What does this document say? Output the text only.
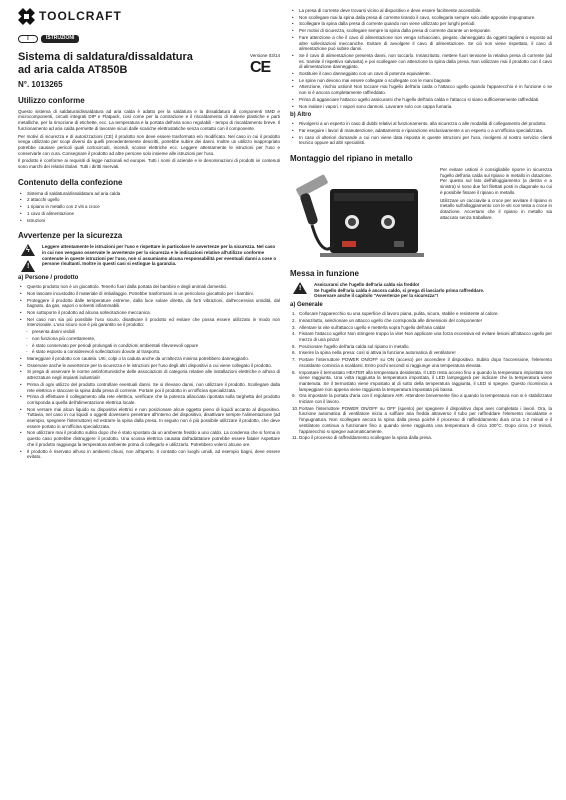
TOOLCRAFT
I	ISTRUZIONI
Sistema di saldatura/dissaldatura
ad aria calda AT850B
N°. 1013265
Versione 03/14
CE
Utilizzo conforme

Questo sistema di saldatura/dissaldatura ad aria calda è adatto per la saldatura e la dissaldatura di componenti SMD e microcomponenti, circuiti integrati DIP e Flatpack, così come per la contrazione e il riscaldamento di materie plastiche e parti metalliche, per la rimozione di etichette, ecc. La temperatura e la portata dell'aria sono regolabili - tempo di riscaldamento breve. Il funzionamento ad aria calda permette di lavorare sicuri dalle scariche elettrostatiche senza contatto con il componente.

Per motivi di sicurezza e di autorizzazioni (CE) il prodotto non deve essere trasformato e/o modificato. Nel caso in cui il prodotto venga utilizzato per scopi diversi da quelli precedentemente descritti, potrebbe subire dei danni. Inoltre un utilizzo inappropriato potrebbe causare pericoli quali cortocircuiti, incendi, scosse elettriche ecc. Leggere attentamente le istruzioni per l'uso e conservarle con cura. Consegnare il prodotto ad altre persone solo insieme alle istruzioni per l'uso.

Il prodotto è conforme ai requisiti di legge nazionali ed europei. Tutti i nomi di aziende e le denominazioni di prodotti ivi contenuti sono marchi dei relativi titolari. Tutti i diritti riservati.

Contenuto della confezione
• Sistema di saldatura/dissaldatura ad aria calda
• 2 attacchi ugello
• 1 ripiano in metallo con 2 viti a croce
• 1 cavo di alimentazione
• Istruzioni
Avvertenze per la sicurezza
ϟ
!
Leggere attentamente le istruzioni per l'uso e rispettare in particolare le avvertenze per la sicurezza. Nel caso in cui non vengano osservate le avvertenze per la sicurezza e le indicazioni relative all'utilizzo conforme contenute in queste istruzioni per l'uso, non ci assumiamo alcuna responsabilità per eventuali danni a cose o persone risultanti. Inoltre in questi casi si estingue la garanzia.
a) Persone / prodotto
• Questo prodotto non è un giocattolo. Tenerlo fuori dalla portata dei bambini e degli animali domestici.
• Non lasciare incustodito il materiale di imballaggio. Potrebbe trasformarsi in un pericoloso giocattolo per i bambini.
• Proteggere il prodotto dalle temperature estreme, dalla luce solare diretta, da forti vibrazioni, dall'eccessiva umidità, dal bagnato, da gas, vapori o solventi infiammabili.
• Non sottoporre il prodotto ad alcuna sollecitazione meccanica.
• Nel caso non sia più possibile l'uso sicuro, disattivare il prodotto ed evitare che possa essere utilizzato in modo non intenzionale. L'uso sicuro non è più garantito se il prodotto:
- presenta danni visibili
- non funziona più correttamente,
- è stato conservato per periodi prolungati in condizioni ambientali sfavorevoli oppure
- è stato esposto a considerevoli sollecitazioni dovute al trasporto.
• Maneggiare il prodotto con cautela. Urti, colpi o la caduta anche da un'altezza minima potrebbero danneggiarlo.
• Osservare anche le avvertenze per la sicurezza e le istruzioni per l'uso degli altri dispositivi a cui viene collegato il prodotto.
• Si prega di osservare le norme antinfortunistiche delle associazioni di categoria relative alle installazioni elettriche e all'uso di attrezzature negli impianti industriali!
• Prima di ogni utilizzo del prodotto controllare eventuali danni. Se si rilevano danni, non utilizzare il prodotto. Scollegare dalla rete elettrica e staccare la spina dalla presa di corrente. Portare poi il prodotto in un'officina specializzata.
• Prima di effettuare il collegamento alla rete elettrica, verificare che la potenza allacciata riportata sulla targhetta del prodotto corrisponda a quella dell'alimentazione elettrica locale.
• Non versare mai alcun liquido su dispositivi elettrici e non posizionare alcun oggetto pieno di liquidi accanto al dispositivo. Tuttavia, nel caso in cui liquidi o oggetti dovessero penetrare all'interno del dispositivo, disattivare sempre l'alimentazione (ad esempio, spegnere l'interruttore) ed estrarre la spina dalla presa. In seguito non è più possibile utilizzare il prodotto, che deve essere portato in un'officina specializzata.
• Non utilizzare mai il prodotto subito dopo che è stato spostato da un ambiente freddo a uno caldo. La condensa che si forma in questo caso potrebbe distruggere il prodotto. Una scossa elettrica causata dall'adattatore potrebbe essere fatale! Aspettare che il prodotto raggiunga la temperatura ambiente prima di collegarlo e utilizzarlo. Potrebbero volerci alcune ore.
• Il prodotto è riservato all'uso in ambienti chiusi, non all'aperto. Il contatto con luoghi umidi, ad esempio bagni, deve essere evitato.
• La presa di corrente deve trovarsi vicino al dispositivo e deve essere facilmente accessibile.
• Non scollegare mai la spina dalla presa di corrente tirando il cavo, scollegarla sempre solo dalle apposite impugnature.
• Scollegare la spina dalla presa di corrente quando non viene utilizzato per lunghi periodi.
• Per motivi di sicurezza, scollegare sempre la spina dalla presa di corrente durante un temporale.
• Fare attenzione a che il cavo di alimentazione non venga schiacciato, piegato, danneggiato da oggetti taglienti o esposto ad altre sollecitazioni meccaniche. Evitare di avvolgere il cavo di alimentazione. Se ciò non viene rispettato, il cavo di alimentazione può subire danni.
• Se il cavo di alimentazione presenta danni, non toccarlo. Innanzitutto, mettere fuori tensione la relativa presa di corrente (ad es. tramite il rispettivo salvavita) e poi scollegare con attenzione la spina dalla presa. Non utilizzare mai il prodotto con il cavo di alimentazione danneggiato.
• Sostituire il cavo danneggiato con un cavo di potenza equivalente.
• Le spine non devono mai essere collegate o scollegate con le mani bagnate.
• Attenzione, rischio ustioni! Non toccare mai l'ugello dell'aria calda o l'attacco ugello quando l'apparecchio è in funzione o se non si è ancora completamente raffreddato.
• Prima di agganciare l'attacco ugello assicurarsi che l'ugello dell'aria calda e l'attacco si siano sufficientemente raffreddati.
• Non inalare i vapori. I vapori sono dannosi. Lavorare solo con cappa fumaria.
b) Altro
• Rivolgersi a un esperto in caso di dubbi relativi al funzionamento, alla sicurezza o alle modalità di collegamento del prodotto.
• Far eseguire i lavori di manutenzione, adattamento e riparazione esclusivamente a un esperto o a un'officina specializzata.
• In caso di ulteriori domande a cui non viene data risposta in queste istruzioni per l'uso, rivolgersi al nostro servizio clienti tecnico oppure ad altri specialisti.
Montaggio del ripiano in metallo

Per evitare ustioni è consigliabile riporre in sicurezza l'ugello dell'aria calda sul ripiano in metallo in dotazione. Per questo sul lato dell'alloggiamento (a destra e a sinistra) vi sono due fori filettati posti in diagonale su cui è possibile fissare il ripiano in metallo.

Utilizzare un cacciavite a croce per avvitare il ripiano in metallo sull'alloggiamento con le viti con testa a croce in dotazione. Accertarsi che il ripiano in metallo sia attaccato senza traballare.

Messa in funzione
!
Assicurarsi che l'ugello dell'aria calda sia freddo!
Se l'ugello dell'aria calda è ancora caldo, si prega di lasciarlo prima raffreddare.
Osservare anche il capitolo "Avvertenze per la sicurezza"!
a) Generale
Collocare l'apparecchio su una superficie di lavoro piana, pulita, sicura, stabile e resistente al calore.
Innanzitutto, selezionare un attacco ugello che corrisponda alle dimensioni del componente!
Allentare la vite sull'attacco ugello e metterla sopra l'ugello dell'aria calda!
Fissare l'attacco ugello! Non stringere troppo la vite! Non applicare una forza eccessiva ed evitare lesioni all'attacco ugello per mezzo di una pinza!
Posizionare l'ugello dell'aria calda sul ripiano in metallo.
Inserire la spina nella presa: così si attiva la funzione automatica di ventilatore!
Portare l'interruttore POWER ON/OFF su ON (acceso) per accendere il dispositivo. Subito dopo l'accensione, l'elemento riscaldante comincia a scaldarsi. Entro pochi secondi si raggiunge una temperatura elevata.
Impostare il termostato HEATER alla temperatura desiderata. Il LED resta acceso fino a quando la temperatura impostata non viene raggiunta. Una volta raggiunta la temperatura impostata, il LED lampeggerà per indicare che la temperatura viene mantenuta. Se il termostato viene impostato al di sotto della temperatura raggiunta, il LED si spegne. Questo ricomincia a lampeggiare non appena viene raggiunta la temperatura impostata più bassa.
Ora impostare la portata d'aria con il regolatore AIR. Attendere brevemente fino a quando la temperatura non si è stabilizzata! Iniziare con il lavoro.
Portare l'interruttore POWER ON/OFF su OFF (spento) per spegnere il dispositivo dopo aver completato i lavori. Ora, la funzione automatica di ventilatore inizia a soffiare aria fredda attraverso il tubo per raffreddare l'elemento riscaldante e l'impugnatura. Non scollegare ancora la spina dalla presa poiché il processo di raffreddamento dura circa 1-2 minuti e il ventilatore continua a funzionare fino a quando viene raggiunta una temperatura di circa 100°C. Dopo circa 1-2 minuti, l'apparecchio si spegne automaticamente.
Dopo il processo di raffreddamento scollegare la spina dalla presa.
